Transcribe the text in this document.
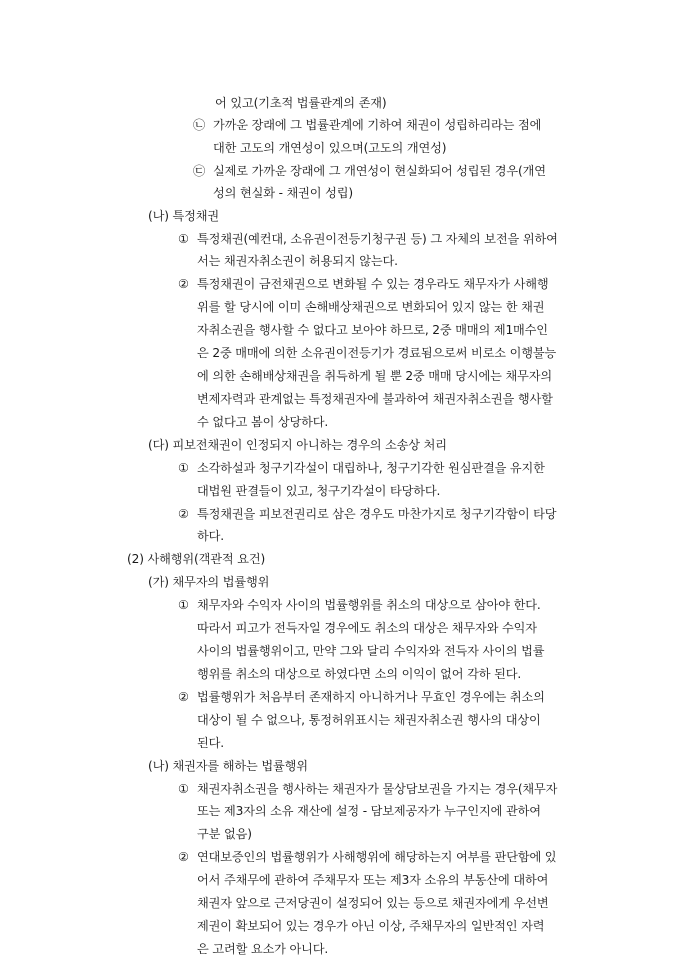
어 있고(기초적 법률관계의 존재)
㉡ 가까운 장래에 그 법률관계에 기하여 채권이 성립하리라는 점에
대한 고도의 개연성이 있으며(고도의 개연성)
㉢ 실제로 가까운 장래에 그 개연성이 현실화되어 성립된 경우(개연
성의 현실화 - 채권이 성립)
(나) 특정채권
① 특정채권(예컨대, 소유권이전등기청구권 등) 그 자체의 보전을 위하여
서는 채권자취소권이 허용되지 않는다.
② 특정채권이 금전채권으로 변화될 수 있는 경우라도 채무자가 사해행
위를 할 당시에 이미 손해배상채권으로 변화되어 있지 않는 한 채권
자취소권을 행사할 수 없다고 보아야 하므로, 2중 매매의 제1매수인
은 2중 매매에 의한 소유권이전등기가 경료됨으로써 비로소 이행불능
에 의한 손해배상채권을 취득하게 될 뿐 2중 매매 당시에는 채무자의
변제자력과 관계없는 특정채권자에 불과하여 채권자취소권을 행사할
수 없다고 봄이 상당하다.
(다) 피보전채권이 인정되지 아니하는 경우의 소송상 처리
① 소각하설과 청구기각설이 대립하나, 청구기각한 원심판결을 유지한
대법원 판결들이 있고, 청구기각설이 타당하다.
② 특정채권을 피보전권리로 삼은 경우도 마찬가지로 청구기각함이 타당
하다.
(2) 사해행위(객관적 요건)
(가) 채무자의 법률행위
① 채무자와 수익자 사이의 법률행위를 취소의 대상으로 삼아야 한다.
따라서 피고가 전득자일 경우에도 취소의 대상은 채무자와 수익자
사이의 법률행위이고, 만약 그와 달리 수익자와 전득자 사이의 법률
행위를 취소의 대상으로 하였다면 소의 이익이 없어 각하 된다.
② 법률행위가 처음부터 존재하지 아니하거나 무효인 경우에는 취소의
대상이 될 수 없으나, 통정허위표시는 채권자취소권 행사의 대상이
된다.
(나) 채권자를 해하는 법률행위
① 채권자취소권을 행사하는 채권자가 물상담보권을 가지는 경우(채무자
또는 제3자의 소유 재산에 설정 - 담보제공자가 누구인지에 관하여
구분 없음)
② 연대보증인의 법률행위가 사해행위에 해당하는지 여부를 판단함에 있
어서 주채무에 관하여 주채무자 또는 제3자 소유의 부동산에 대하여
채권자 앞으로 근저당권이 설정되어 있는 등으로 채권자에게 우선변
제권이 확보되어 있는 경우가 아닌 이상, 주채무자의 일반적인 자력
은 고려할 요소가 아니다.
